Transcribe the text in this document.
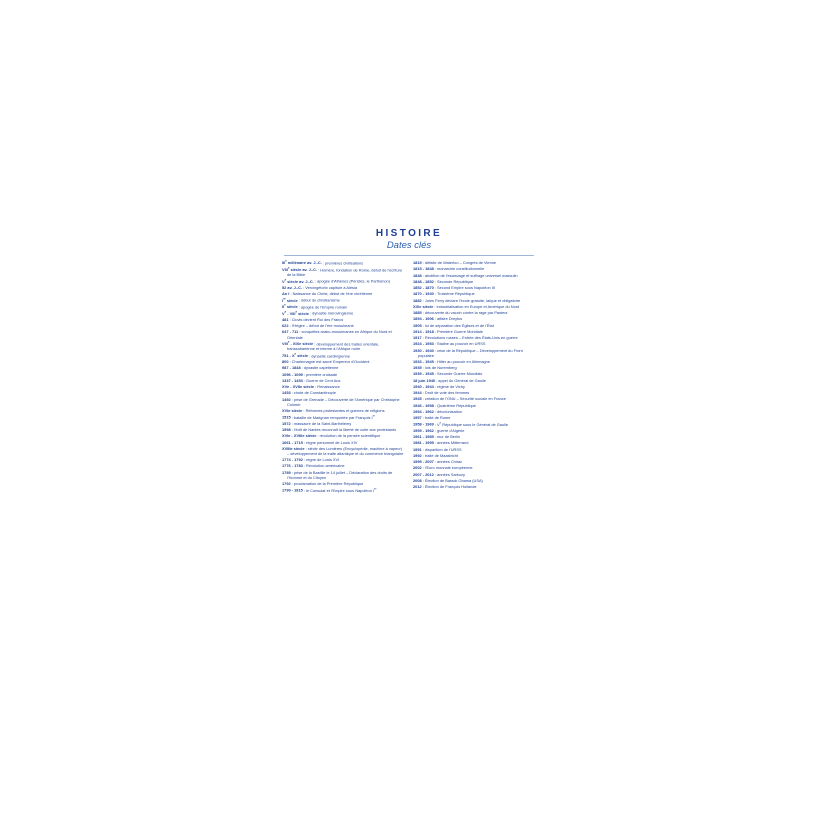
HISTOIRE
Dates clés
IIIe millénaire av. J.-C. : premières civilisations
VIIIe siècle av. J.-C. : Homère, fondation de Rome, début de l'écriture de la Bible
Ve siècle av. J.-C. : apogée d'Athènes (Périclès, le Parthénon)
52 av. J.-C. : Vercingétorix capitule à Alésia
An I : Naissance du Christ, début de l'ère chrétienne
Ier siècle : début du christianisme
IIe siècle : apogée de l'Empire romain
Ve - VIIIe siècle : dynastie mérovingienne
481 : Clovis devient Roi des Francs
622 : l'Hégire – début de l'ère musulmane
647 - 711 : conquêtes arabo-musulmanes en Afrique du Nord et Orientale
VIIIe - XIXe siècle : développement des traites orientale, transsaharienne et interne à l'Afrique noire
751 - Xe siècle : dynastie carolingienne
800 : Charlemagne est sacré Empereur d'Occident
987 - 1848 : dynastie capétienne
1096 - 1099 : première croisade
1337 - 1453 : Guerre de Cent Ans
XVe - XVIIe siècle : Renaissance
1453 : chute de Constantinople
1492 : prise de Grenade – Découverte de l'Amérique par Christophe Colomb
XVIe siècle : Réformes protestantes et guerres de religions
1515 : bataille de Marignan remportée par François Ier
1572 : massacre de la Saint-Barthélemy
1598 : l'édit de Nantes reconnaît la liberté de culte aux protestants
XVIe - XVIIIe siècle : révolution de la pensée scientifique
1661 - 1715 : règne personnel de Louis XIV
XVIIIe siècle : siècle des Lumières (Encyclopédie, machine à vapeur) – développement de la traite atlantique et du commerce triangulaire
1774 - 1792 : règne de Louis XVI
1776 - 1783 : Révolution américaine
1789 : prise de la Bastille le 14 juillet – Déclaration des droits de l'Homme et du Citoyen
1792 : proclamation de la Première République
1799 - 1815 : le Consulat et l'Empire sous Napoléon Ier
1815 : défaite de Waterloo – Congrès de Vienne
1815 - 1848 : monarchie constitutionnelle
1848 : abolition de l'esclavage et suffrage universel masculin
1848 - 1852 : Seconde République
1852 - 1870 : Second Empire sous Napoléon III
1870 - 1940 : Troisième République
1882 : Jules Ferry déclare l'école gratuite, laïque et obligatoire
XIXe siècle : industrialisation en Europe et Amérique du Nord
1885 : découverte du vaccin contre la rage par Pasteur
1894 - 1906 : affaire Dreyfus
1905 : loi de séparation des Églises et de l'État
1914 - 1918 : Première Guerre Mondiale
1917 : Révolutions russes – Entrée des États-Unis en guerre
1924 - 1953 : Staline au pouvoir en URSS
1930 - 1940 : crise de la République – Développement du Front populaire
1933 - 1945 : Hitler au pouvoir en Allemagne
1935 : lois de Nuremberg
1939 - 1945 : Seconde Guerre Mondiale
18 juin 1940 : appel du Général de Gaulle
1940 - 1944 : régime de Vichy
1944 : Droit de vote des femmes
1945 : création de l'ONU – Sécurité sociale en France
1946 - 1958 : Quatrième République
1954 - 1962 : décolonisation
1957 : traité de Rome
1958 - 1969 : Ve République sous le Général de Gaulle
1959 - 1962 : guerre d'Algérie
1961 - 1989 : mur de Berlin
1981 - 1995 : années Mitterrand
1991 : disparition de l'URSS
1992 : traité de Maastricht
1995 - 2007 : années Chirac
2002 : l'Euro monnaie européenne
2007 - 2012 : années Sarkozy
2008 : Élection de Barack Obama (USA)
2012 : Élection de François Hollande
